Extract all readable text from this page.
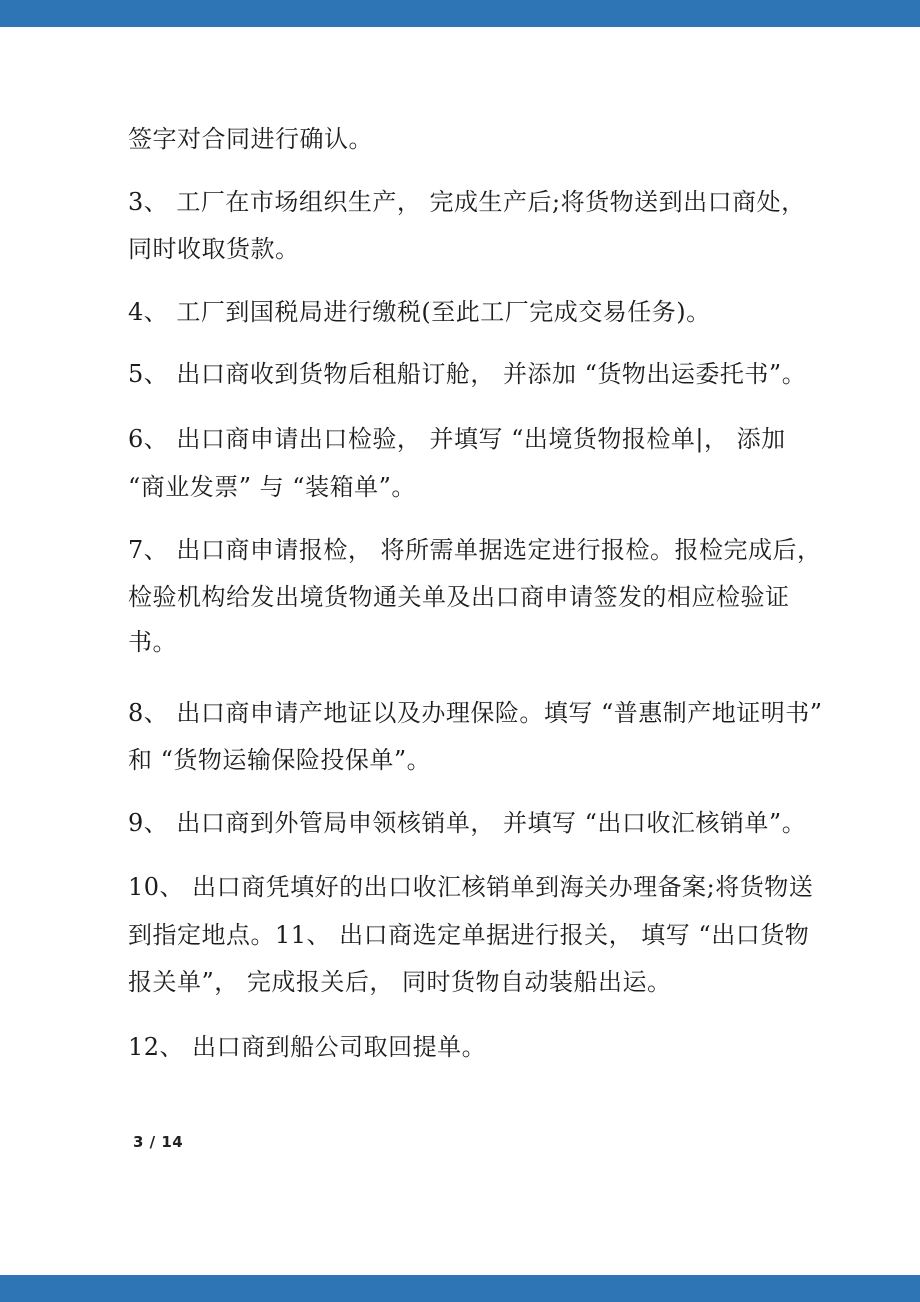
签字对合同进行确认。
3、 工厂在市场组织生产， 完成生产后;将货物送到出口商处，
同时收取货款。
4、 工厂到国税局进行缴税(至此工厂完成交易任务)。
5、 出口商收到货物后租船订舱， 并添加 “货物出运委托书”。
6、 出口商申请出口检验， 并填写 “出境货物报检单|， 添加
“商业发票” 与 “装箱单”。
7、 出口商申请报检， 将所需单据选定进行报检。报检完成后，
检验机构给发出境货物通关单及出口商申请签发的相应检验证
书。
8、 出口商申请产地证以及办理保险。填写 “普惠制产地证明书”
和 “货物运输保险投保单”。
9、 出口商到外管局申领核销单， 并填写 “出口收汇核销单”。
10、 出口商凭填好的出口收汇核销单到海关办理备案;将货物送
到指定地点。11、 出口商选定单据进行报关， 填写 “出口货物
报关单”， 完成报关后， 同时货物自动装船出运。
12、 出口商到船公司取回提单。
3 / 14
